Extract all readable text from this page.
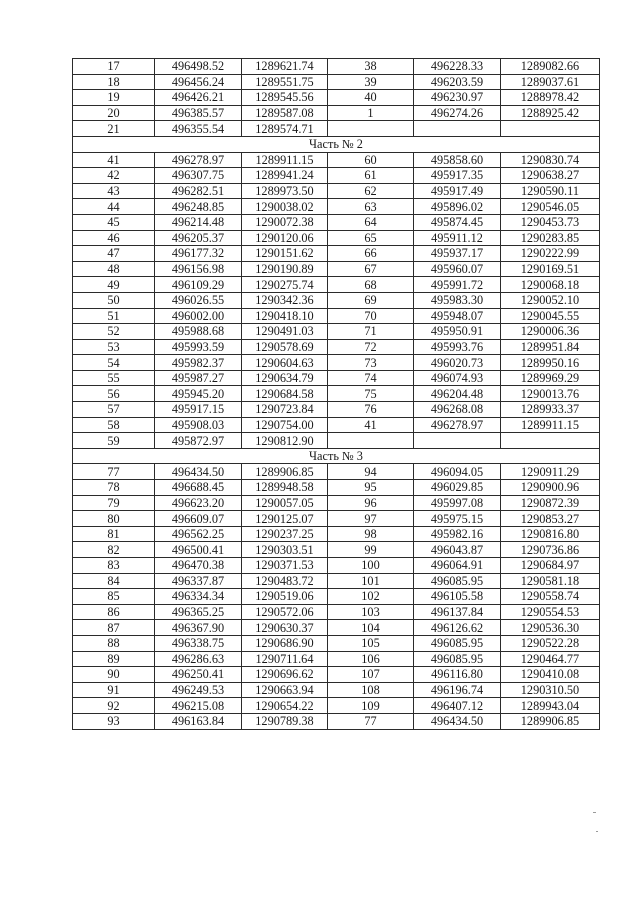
17	496498.52	1289621.74	38	496228.33	1289082.66
18	496456.24	1289551.75	39	496203.59	1289037.61
19	496426.21	1289545.56	40	496230.97	1288978.42
20	496385.57	1289587.08	1	496274.26	1288925.42
21	496355.54	1289574.71			
Часть № 2					
41	496278.97	1289911.15	60	495858.60	1290830.74
42	496307.75	1289941.24	61	495917.35	1290638.27
43	496282.51	1289973.50	62	495917.49	1290590.11
44	496248.85	1290038.02	63	495896.02	1290546.05
45	496214.48	1290072.38	64	495874.45	1290453.73
46	496205.37	1290120.06	65	495911.12	1290283.85
47	496177.32	1290151.62	66	495937.17	1290222.99
48	496156.98	1290190.89	67	495960.07	1290169.51
49	496109.29	1290275.74	68	495991.72	1290068.18
50	496026.55	1290342.36	69	495983.30	1290052.10
51	496002.00	1290418.10	70	495948.07	1290045.55
52	495988.68	1290491.03	71	495950.91	1290006.36
53	495993.59	1290578.69	72	495993.76	1289951.84
54	495982.37	1290604.63	73	496020.73	1289950.16
55	495987.27	1290634.79	74	496074.93	1289969.29
56	495945.20	1290684.58	75	496204.48	1290013.76
57	495917.15	1290723.84	76	496268.08	1289933.37
58	495908.03	1290754.00	41	496278.97	1289911.15
59	495872.97	1290812.90			
Часть № 3					
77	496434.50	1289906.85	94	496094.05	1290911.29
78	496688.45	1289948.58	95	496029.85	1290900.96
79	496623.20	1290057.05	96	495997.08	1290872.39
80	496609.07	1290125.07	97	495975.15	1290853.27
81	496562.25	1290237.25	98	495982.16	1290816.80
82	496500.41	1290303.51	99	496043.87	1290736.86
83	496470.38	1290371.53	100	496064.91	1290684.97
84	496337.87	1290483.72	101	496085.95	1290581.18
85	496334.34	1290519.06	102	496105.58	1290558.74
86	496365.25	1290572.06	103	496137.84	1290554.53
87	496367.90	1290630.37	104	496126.62	1290536.30
88	496338.75	1290686.90	105	496085.95	1290522.28
89	496286.63	1290711.64	106	496085.95	1290464.77
90	496250.41	1290696.62	107	496116.80	1290410.08
91	496249.53	1290663.94	108	496196.74	1290310.50
92	496215.08	1290654.22	109	496407.12	1289943.04
93	496163.84	1290789.38	77	496434.50	1289906.85
